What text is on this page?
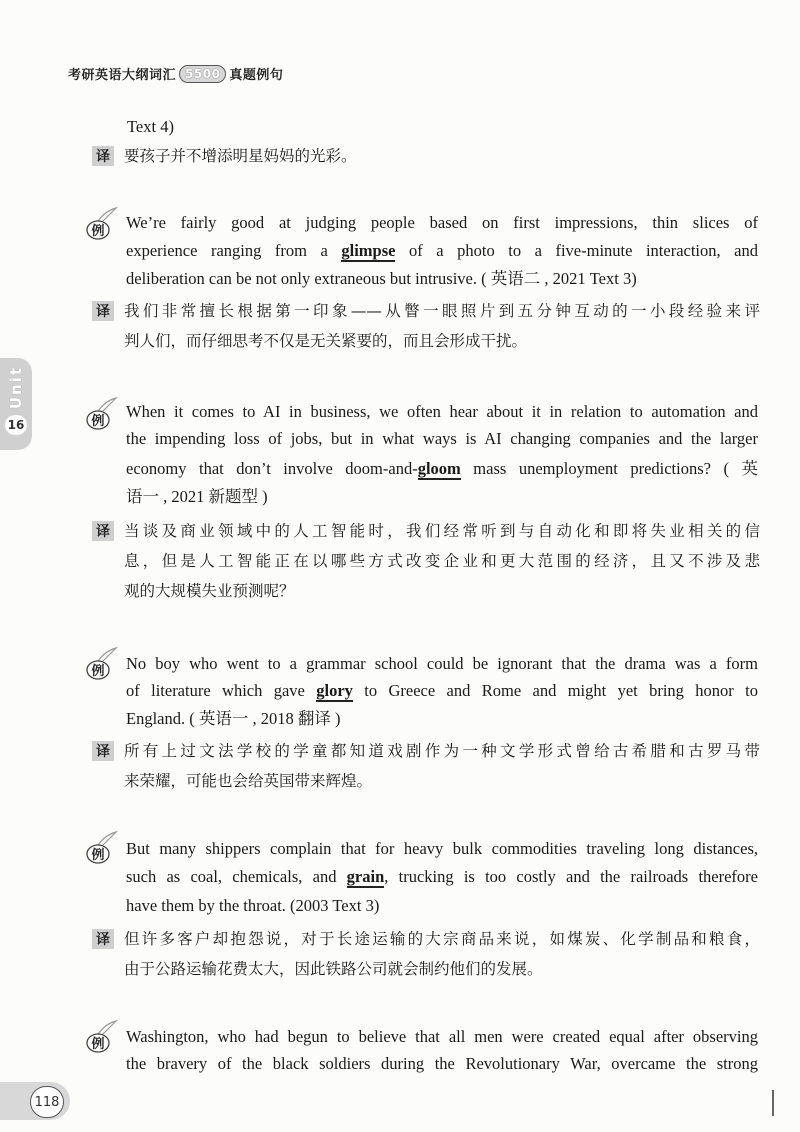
考研英语大纲词汇 5500 真题例句
Unit
16
Text 4)
译 要孩子并不增添明星妈妈的光彩。
例 We’re fairly good at judging people based on first impressions, thin slices of
experience ranging from a glimpse of a photo to a five-minute interaction, and
deliberation can be not only extraneous but intrusive. ( 英语二 , 2021 Text 3)
译 我们非常擅长根据第一印象——从瞥一眼照片到五分钟互动的一小段经验来评
判人们，而仔细思考不仅是无关紧要的，而且会形成干扰。
例
When it comes to AI in business, we often hear about it in relation to automation and
the impending loss of jobs, but in what ways is AI changing companies and the larger
economy that don’t involve doom-and-gloom mass unemployment predictions? ( 英
语一 , 2021 新题型 )
译 当谈及商业领域中的人工智能时，我们经常听到与自动化和即将失业相关的信
息，但是人工智能正在以哪些方式改变企业和更大范围的经济，且又不涉及悲
观的大规模失业预测呢？
例 No boy who went to a grammar school could be ignorant that the drama was a form
of literature which gave glory to Greece and Rome and might yet bring honor to
England. ( 英语一 , 2018 翻译 )
译 所有上过文法学校的学童都知道戏剧作为一种文学形式曾给古希腊和古罗马带
来荣耀，可能也会给英国带来辉煌。
例 But many shippers complain that for heavy bulk commodities traveling long distances,
such as coal, chemicals, and grain, trucking is too costly and the railroads therefore
have them by the throat. (2003 Text 3)
译 但许多客户却抱怨说，对于长途运输的大宗商品来说，如煤炭、化学制品和粮食，
由于公路运输花费太大，因此铁路公司就会制约他们的发展。
例 Washington, who had begun to believe that all men were created equal after observing
the bravery of the black soldiers during the Revolutionary War, overcame the strong
118
